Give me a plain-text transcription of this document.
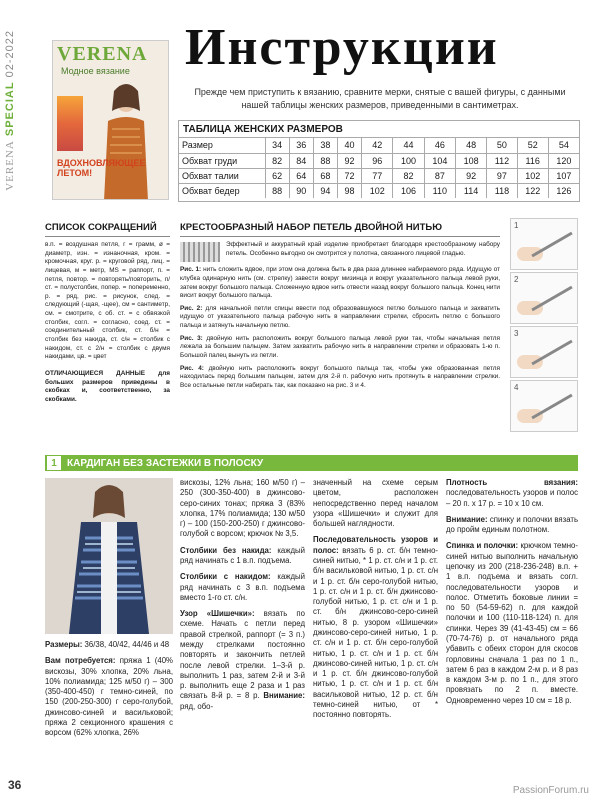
VERENA SPECIAL 02-2022
36
VERENA
Модное вязание
ВДОХНОВЛЯЮЩЕЕ ЛЕТОМ!
Инструкции

Прежде чем приступить к вязанию, сравните мерки, снятые с вашей фигуры, с данными нашей таблицы женских размеров, приведенными в сантиметрах.

ТАБЛИЦА ЖЕНСКИХ РАЗМЕРОВ
Размер	34	36	38	40	42	44	46	48	50	52	54
Обхват груди	82	84	88	92	96	100	104	108	112	116	120
Обхват талии	62	64	68	72	77	82	87	92	97	102	107
Обхват бедер	88	90	94	98	102	106	110	114	118	122	126
СПИСОК СОКРАЩЕНИЙ

в.п. = воздушная петля, г = грамм, ø = диаметр, изн. = изнаночная, кром. = кромочная, круг. р. = круговой ряд, лиц. = лицевая, м = метр, MS = раппорт, п. = петля, повтор. = повторять/повторить, п/ст. = полустолбик, попер. = попеременно, р. = ряд, рис. = рисунок, след. = следующий (-щая, -щее), см = сантиметр, см. = смотрите, с об. ст. = с обвязкой столбик, согл. = согласно, соед. ст. = соединительный столбик, ст. б/н = столбик без накида, ст. с/н = столбик с накидом, ст. с 2/н = столбик с двумя накидами, цв. = цвет

ОТЛИЧАЮЩИЕСЯ ДАННЫЕ для больших размеров приведены в скобках и, соответственно, за скобками.

КРЕСТООБРАЗНЫЙ НАБОР ПЕТЕЛЬ ДВОЙНОЙ НИТЬЮ

Эффектный и аккуратный край изделие приобретает благодаря крестообразному набору петель. Особенно выгодно он смотрится у полотна, связанного лицевой гладью.

Рис. 1: нить сложить вдвое, при этом она должна быть в два раза длиннее набираемого ряда. Идущую от клубка одинарную нить (см. стрелку) завести вокруг мизинца и вокруг указательного пальца левой руки, затем вокруг большого пальца. Сложенную вдвое нить отвести назад вокруг большого пальца. Конец нити висит вокруг большого пальца.

Рис. 2: для начальной петли спицы ввести под образовавшуюся петлю большого пальца и захватить идущую от указательного пальца рабочую нить в направлении стрелки, сбросить петлю с большого пальца и затянуть начальную петлю.

Рис. 3: двойную нить расположить вокруг большого пальца левой руки так, чтобы начальная петля лежала за большим пальцем. Затем захватить рабочую нить в направлении стрелки и образовать 1-ю п. Большой палец вынуть из петли.

Рис. 4: двойную нить расположить вокруг большого пальца так, чтобы уже образованная петля находилась перед большим пальцем, затем для 2-й п. рабочую нить протянуть в направлении стрелки. Все остальные петли набирать так, как показано на рис. 3 и 4.

1
2
3
4
1	КАРДИГАН БЕЗ ЗАСТЕЖКИ В ПОЛОСКУ

Размеры: 36/38, 40/42, 44/46 и 48

Вам потребуется: пряжа 1 (40% вискозы, 30% хлопка, 20% льна, 10% полиамида; 125 м/50 г) – 300 (350-400-450) г темно-синей, по 150 (200-250-300) г серо-голубой, джинсово-синей и васильковой; пряжа 2 секционного крашения с ворсом (62% хлопка, 26%

вискозы, 12% льна; 160 м/50 г) – 250 (300-350-400) в джинсово-серо-синих тонах; пряжа 3 (83% хлопка, 17% полиамида; 130 м/50 г) – 100 (150-200-250) г джинсово-голубой с ворсом; крючок № 3,5.

Столбики без накида: каждый ряд начинать с 1 в.п. подъема.

Столбики с накидом: каждый ряд начинать с 3 в.п. подъема вместо 1-го ст. с/н.

Узор «Шишечки»: вязать по схеме. Начать с петли перед правой стрелкой, раппорт (= 3 п.) между стрелками постоянно повторять и закончить петлей после левой стрелки. 1–3-й р. выполнить 1 раз, затем 2-й и 3-й р. выполнить еще 2 раза и 1 раз связать 8-й р. = 8 р. Внимание: ряд, обо-

значенный на схеме серым цветом, расположен непосредственно перед началом узора «Шишечки» и служит для большей наглядности.

Последовательность узоров и полос: вязать 6 р. ст. б/н темно-синей нитью, * 1 р. ст. с/н и 1 р. ст. б/н васильковой нитью, 1 р. ст. с/н и 1 р. ст. б/н серо-голубой нитью, 1 р. ст. с/н и 1 р. ст. б/н джинсово-голубой нитью, 1 р. ст. с/н и 1 р. ст. б/н джинсово-серо-синей нитью, 8 р. узором «Шишечки» джинсово-серо-синей нитью, 1 р. ст. с/н и 1 р. ст. б/н серо-голубой нитью, 1 р. ст. с/н и 1 р. ст. б/н джинсово-синей нитью, 1 р. ст. с/н и 1 р. ст. б/н джинсово-голубой нитью, 1 р. ст. с/н и 1 р. ст. б/н васильковой нитью, 12 р. ст. б/н темно-синей нитью, от * постоянно повторять.

Плотность вязания: последовательность узоров и полос – 20 п. x 17 р. = 10 x 10 см.

Внимание: спинку и полочки вязать до пройм единым полотном.

Спинка и полочки: крючком темно-синей нитью выполнить начальную цепочку из 200 (218-236-248) в.п. + 1 в.п. подъема и вязать согл. последовательности узоров и полос. Отметить боковые линии = по 50 (54-59-62) п. для каждой полочки и 100 (110-118-124) п. для спинки. Через 39 (41-43-45) см = 66 (70-74-76) р. от начального ряда убавить с обеих сторон для скосов горловины сначала 1 раз по 1 п., затем 6 раз в каждом 2-м р. и 8 раз в каждом 3-м р. по 1 п., для этого провязать по 2 п. вместе. Одновременно через 10 см = 18 р.

PassionForum.ru
